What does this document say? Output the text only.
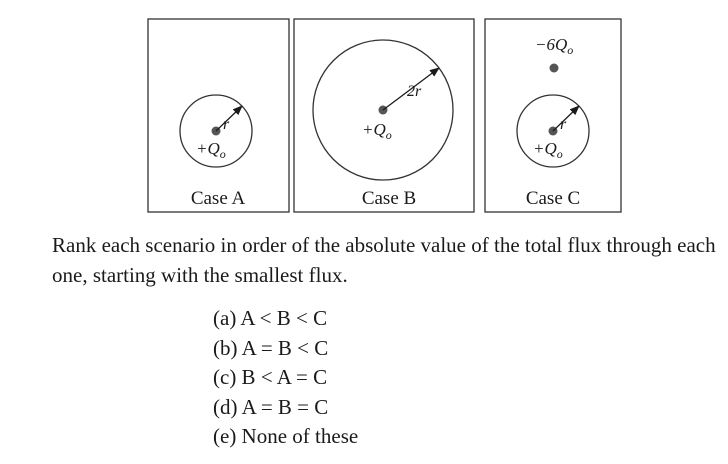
r
$+Q_o$
Case A
2r
$+Q_o$
Case B
$-6Q_o$
r
$+Q_o$
Case C

Rank each scenario in order of the absolute value of the total flux through each one, starting with the smallest flux.

(a) A < B < C
(b) A = B < C
(c) B < A = C
(d) A = B = C
(e) None of these
